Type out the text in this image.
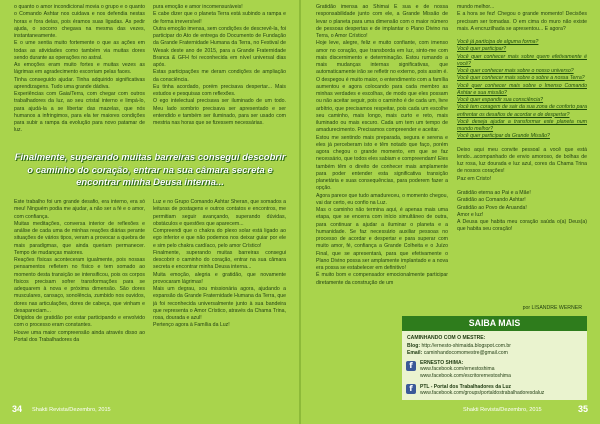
o quanto o amor incondicional movia o grupo e o quanto o Comando Ashtar nos cuidava e nos defendia nestas horas e fora delas, pois éramos suas ligadas. As pedir ajuda, o socorro chegava na mesma das vezes, instantaneamente.
E o ume sentia muito fortemente o que as ações em todas as atividades como também via muitas dores sendo durante as operações no astral.
As emoções eram muito fortes e muitas vezes as lágrimas em agradecimento escorriam pelas faces.
Tinha conseguido ajudar. Tinha adquirido significativas aprendizagens. Tudo uma grande dádiva.
Experiências com Gaia/Terra, com chegar com outros trabalhadores da luz, ao seu cristal interno e limpá-lo, para ajudá-la a se libertar das mazelas, que nós humanos a infringimos, para ela ter maiores condições para subir a rampa da evolução para novo patamar de luz.

pura emoção e amor incomensuráveis!
E cabe dizer que o planeta Terra está subindo a rampa e de forma irreversível!
Outra emoção imensa, sem condições de descrevê-la, foi participar do Ato de entrega do Documento de Fundação da Grande Fraternidade Humana da Terra, no Festival de Wesak deste ano de 2015, para a Grande Fraternidade Branca & GFH foi reconhecida em nível universal dias após.
Estas participações me deram condições de ampliação da consciência.
Eu tinha acordado, porém precisava despertar... Mais estudos e pesquisas com reflexões.
O ego intelectual precisava ser iluminado de um todo. Meu lado sombrio precisava ser apresentado e ser entendido e também ser iluminado, para ser usado com mestria nas horas que se fizessem necessárias.

Finalmente, superando muitas barreiras consegui descobrir o caminho do coração, entrar na sua câmara secreta e encontrar minha Deusa interna...

Este trabalho foi um grande desafio, era interno, era só meu! Ninguém podia me ajudar, a não ser a fé e o amor, com confiança.
Muitas meditações, conversa interior de reflexões e análise de cada uma de minhas reações diárias perante situações de vários tipos, veram a provocar a quebra de mais paradigmas, que ainda queriam permanecer. Tempo de mudanças maiores.
Reações físicas aconteceram igualmente, pois nossas pensamentos refletem no físico e tem somado ao momento desta transição se intensificou, pois os corpos físicos precisam sofrer transformações para se adequarem à nova e próxima dimensão. São dores musculares, cansaço, sonolência, zumbido nos ouvidos, dores nas articulações, dores de cabeça, que vinham e desapareciam...
Dirigidos de gratidão por estar participando e envolvido com o processo eram constantes.
Houve uma maior compreensão ainda através disso ao Portal dos Trabalhadores da

Luz e no Grupo Comando Ashtar Sheran, que somados a leituras de postagens e outros contatos e encontros, me permitiam seguir avançando, superando dúvidas, obstáculos e questões que aparecem...
Compreendi que o chakra do plexo solar está ligado ao ego inferior e que não podemos nos deixar guiar por ele e sim pelo chakra cardíaco, pelo amor Crístico!
Finalmente, superando muitas barreiras consegui descobrir o caminho do coração, entrar na sua câmara secreta e encontrar minha Deusa interna...
Muita emoção, alegria e gratidão, que novamente provocaram lágrimas!
Mais um degrau, sou missionária agora, ajudando a expansão da Grande Fraternidade Humana da Terra, que já foi reconhecida universalmente junto à sua bandeira que representa o Amor Crístico, através da Chama Trina, rosa, dourada e azul!
Pertenço agora à Família da Luz!

Gratidão imensa ao Shimai E sua e de nossa responsabilidade junto com ele, a Grande Missão de levar o planeta para uma dimensão com o maior número de pessoas despertas e de implantar o Plano Divino na Terra, o Amor Crístico!
Hoje leve, alegre, feliz e muito confiante, com imenso amor no coração, que transborda em luz, sinto-me com mais discernimento e determinação. Estou rumando a mais mudanças internas significativas, que automaticamente irão se refletir no externo, pois assim é.
O despegou é muito maior, o entendimento com a família aumentou e agora colocando para cada membro as minhas verdades e escolhas, de modo que eles possam ou não aceitar seguir, pois o caminho é de cada um, livre arbítrio, que precisamos respeitar, pois cada um escolhe seu caminho, mais longo, mais curto e reto, mais iluminado ou mais escuro. Cada um tem um tempo de amadurecimento. Precisamos compreender e aceitar.
Estou me sentindo mais preparada, segura e serena e eles já perceberam isto e têm notado que faço, porém agora chegou o grande momento, em que se faz necessário, que todos eles sabiam e compreendam! Eles também têm o direito de conhecer mais amplamente para poder entender esta significativa transição planetária e suas consequências, para poderem fazer a opção.
Agora parece que tudo amadureceu, o momento chegou, vai dar certo, eu confio na Luz.
Mas o caminho não termina aqui, é apenas mais uma etapa, que se encerra com início simultâneo de outra, para continuar a ajudar a iluminar o planeta e a humanidade. Se faz necessário auxiliar pessoas no processo de acordar e despertar e para superar com muito amor, fé, confiança a Grande Colheita e o Juízo Final, que se apresentará, para que efetivamente o Plano Divino possa ser amplamente implantado e a nova era possa se estabelecer em definitivo!
É muito bom e compensador emocionalmente participar diretamente da construção de um

mundo melhor...
E a hora se fez! Chegou o grande momento! Decisões precisam ser tomadas. O em cima do muro não existe mais. A encruzilhada se apresentou... E agora?

Você já participa de alguma forma?
Você quer participar?
Você quer conhecer mais sobre quem efetivamente é você?
Você quer conhecer mais sobre o nosso universo?
Você quer conhecer mais sobre o sobre a nossa Terra?
Você quer conhecer mais sobre o Imenso Comando Ashtar e sua missão?
Você quer expandir sua consciência?
Você tem coragem de sair da sua zona de conforto para enfrentar os desafios de acordar e de despertar?
Você deseja ajudar a transformar este planeta num mundo melhor?
Você quer participar da Grande Missão?

Deixo aqui meu convite pessoal a você que está lendo...acompanhado de envio amoroso, de bolhas de luz rosa, luz dourada e luz azul, cores da Chama Trina de nossos corações!
Paz em Cristo!

Gratidão eterna ao Pai e a Mãe!
Gratidão ao Comando Ashtar!
Gratidão ao Povo de Aruanda!
Amor e luz!
A Deusa que habita meu coração saúda o(a) Deus(a) que habita seu coração!

por LISANDRE WERNER
SAIBA MAIS
CAMINHANDO COM O MESTRE:
Blog: http://ernesto-shimaida.blogspot.com.br
Email: caminhandocomomestre@gmail.com
f	ERNESTO SHIMA:
www.facebook.com/ernestoshima
www.facebook.com/escritorernestoshima
f	PTL - Portal dos Trabalhadores da Luz
www.facebook.com/groups/portaldostrabalhadoresdaluz
34 Shakti Revista/Dezembro, 2015	Shakti Revista/Dezembro, 2015	35
